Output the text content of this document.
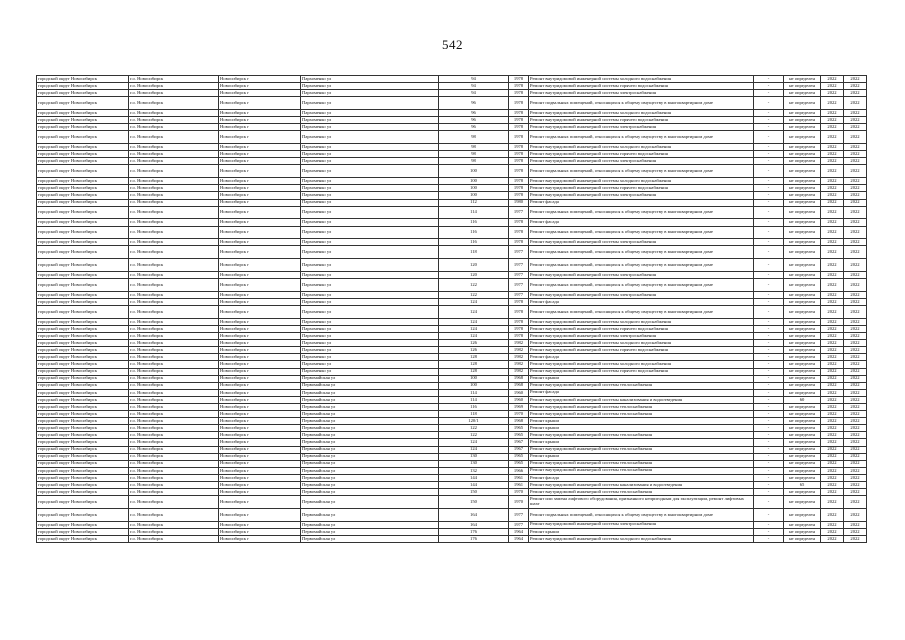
542
городской округ Новосибирск	г.о. Новосибирск	Новосибирск г	Пархоменко ул	94	1978	Ремонт внутридомовой инженерной системы холодного водоснабжения	-	не определен	2022	2022
городской округ Новосибирск	г.о. Новосибирск	Новосибирск г	Пархоменко ул	94	1978	Ремонт внутридомовой инженерной системы горячего водоснабжения	-	не определен	2022	2022
городской округ Новосибирск	г.о. Новосибирск	Новосибирск г	Пархоменко ул	94	1978	Ремонт внутридомовой инженерной системы электроснабжения	-	не определен	2022	2022
городской округ Новосибирск	г.о. Новосибирск	Новосибирск г	Пархоменко ул	96	1978	Ремонт подвальных помещений, относящихся к общему имуществу в многоквартирном доме	-	не определен	2022	2022
городской округ Новосибирск	г.о. Новосибирск	Новосибирск г	Пархоменко ул	96	1978	Ремонт внутридомовой инженерной системы холодного водоснабжения	-	не определен	2022	2022
городской округ Новосибирск	г.о. Новосибирск	Новосибирск г	Пархоменко ул	96	1978	Ремонт внутридомовой инженерной системы горячего водоснабжения	-	не определен	2022	2022
городской округ Новосибирск	г.о. Новосибирск	Новосибирск г	Пархоменко ул	96	1978	Ремонт внутридомовой инженерной системы электроснабжения	-	не определен	2022	2022
городской округ Новосибирск	г.о. Новосибирск	Новосибирск г	Пархоменко ул	98	1978	Ремонт подвальных помещений, относящихся к общему имуществу в многоквартирном доме	-	не определен	2022	2022
городской округ Новосибирск	г.о. Новосибирск	Новосибирск г	Пархоменко ул	98	1978	Ремонт внутридомовой инженерной системы холодного водоснабжения	-	не определен	2022	2022
городской округ Новосибирск	г.о. Новосибирск	Новосибирск г	Пархоменко ул	98	1978	Ремонт внутридомовой инженерной системы горячего водоснабжения	-	не определен	2022	2022
городской округ Новосибирск	г.о. Новосибирск	Новосибирск г	Пархоменко ул	98	1978	Ремонт внутридомовой инженерной системы электроснабжения	-	не определен	2022	2022
городской округ Новосибирск	г.о. Новосибирск	Новосибирск г	Пархоменко ул	100	1978	Ремонт подвальных помещений, относящихся к общему имуществу в многоквартирном доме	-	не определен	2022	2022
городской округ Новосибирск	г.о. Новосибирск	Новосибирск г	Пархоменко ул	100	1978	Ремонт внутридомовой инженерной системы холодного водоснабжения	-	не определен	2022	2022
городской округ Новосибирск	г.о. Новосибирск	Новосибирск г	Пархоменко ул	100	1978	Ремонт внутридомовой инженерной системы горячего водоснабжения	-	не определен	2022	2022
городской округ Новосибирск	г.о. Новосибирск	Новосибирск г	Пархоменко ул	100	1978	Ремонт внутридомовой инженерной системы электроснабжения	-	не определен	2022	2022
городской округ Новосибирск	г.о. Новосибирск	Новосибирск г	Пархоменко ул	112	1980	Ремонт фасада	-	не определен	2022	2022
городской округ Новосибирск	г.о. Новосибирск	Новосибирск г	Пархоменко ул	114	1977	Ремонт подвальных помещений, относящихся к общему имуществу в многоквартирном доме	-	не определен	2022	2022
городской округ Новосибирск	г.о. Новосибирск	Новосибирск г	Пархоменко ул	116	1978	Ремонт фасада	-	не определен	2022	2022
городской округ Новосибирск	г.о. Новосибирск	Новосибирск г	Пархоменко ул	116	1978	Ремонт подвальных помещений, относящихся к общему имуществу в многоквартирном доме	-	не определен	2022	2022
городской округ Новосибирск	г.о. Новосибирск	Новосибирск г	Пархоменко ул	116	1978	Ремонт внутридомовой инженерной системы электроснабжения	-	не определен	2022	2022
городской округ Новосибирск	г.о. Новосибирск	Новосибирск г	Пархоменко ул	118	1977	Ремонт подвальных помещений, относящихся к общему имуществу в многоквартирном доме	-	не определен	2022	2022
городской округ Новосибирск	г.о. Новосибирск	Новосибирск г	Пархоменко ул	120	1977	Ремонт подвальных помещений, относящихся к общему имуществу в многоквартирном доме	-	не определен	2022	2022
городской округ Новосибирск	г.о. Новосибирск	Новосибирск г	Пархоменко ул	120	1977	Ремонт внутридомовой инженерной системы электроснабжения	-	не определен	2022	2022
городской округ Новосибирск	г.о. Новосибирск	Новосибирск г	Пархоменко ул	122	1977	Ремонт подвальных помещений, относящихся к общему имуществу в многоквартирном доме	-	не определен	2022	2022
городской округ Новосибирск	г.о. Новосибирск	Новосибирск г	Пархоменко ул	122	1977	Ремонт внутридомовой инженерной системы электроснабжения	-	не определен	2022	2022
городской округ Новосибирск	г.о. Новосибирск	Новосибирск г	Пархоменко ул	124	1978	Ремонт фасада	-	не определен	2022	2022
городской округ Новосибирск	г.о. Новосибирск	Новосибирск г	Пархоменко ул	124	1978	Ремонт подвальных помещений, относящихся к общему имуществу в многоквартирном доме	-	не определен	2022	2022
городской округ Новосибирск	г.о. Новосибирск	Новосибирск г	Пархоменко ул	124	1978	Ремонт внутридомовой инженерной системы холодного водоснабжения	-	не определен	2022	2022
городской округ Новосибирск	г.о. Новосибирск	Новосибирск г	Пархоменко ул	124	1978	Ремонт внутридомовой инженерной системы горячего водоснабжения	-	не определен	2022	2022
городской округ Новосибирск	г.о. Новосибирск	Новосибирск г	Пархоменко ул	124	1978	Ремонт внутридомовой инженерной системы электроснабжения	-	не определен	2022	2022
городской округ Новосибирск	г.о. Новосибирск	Новосибирск г	Пархоменко ул	126	1982	Ремонт внутридомовой инженерной системы холодного водоснабжения	-	не определен	2022	2022
городской округ Новосибирск	г.о. Новосибирск	Новосибирск г	Пархоменко ул	126	1982	Ремонт внутридомовой инженерной системы горячего водоснабжения	-	не определен	2022	2022
городской округ Новосибирск	г.о. Новосибирск	Новосибирск г	Пархоменко ул	128	1982	Ремонт фасада	-	не определен	2022	2022
городской округ Новосибирск	г.о. Новосибирск	Новосибирск г	Пархоменко ул	128	1982	Ремонт внутридомовой инженерной системы холодного водоснабжения	-	не определен	2022	2022
городской округ Новосибирск	г.о. Новосибирск	Новосибирск г	Пархоменко ул	128	1982	Ремонт внутридомовой инженерной системы горячего водоснабжения	-	не определен	2022	2022
городской округ Новосибирск	г.о. Новосибирск	Новосибирск г	Первомайская ул	100	1968	Ремонт крыши	-	не определен	2022	2022
городской округ Новосибирск	г.о. Новосибирск	Новосибирск г	Первомайская ул	100	1968	Ремонт внутридомовой инженерной системы теплоснабжения	-	не определен	2022	2022
городской округ Новосибирск	г.о. Новосибирск	Новосибирск г	Первомайская ул	114	1960	Ремонт фасада	-	не определен	2022	2022
городской округ Новосибирск	г.о. Новосибирск	Новосибирск г	Первомайская ул	114	1960	Ремонт внутридомовой инженерной системы канализования и водоотведения	-	60	2022	2022
городской округ Новосибирск	г.о. Новосибирск	Новосибирск г	Первомайская ул	116	1969	Ремонт внутридомовой инженерной системы теплоснабжения	-	не определен	2022	2022
городской округ Новосибирск	г.о. Новосибирск	Новосибирск г	Первомайская ул	118	1970	Ремонт внутридомовой инженерной системы теплоснабжения	-	не определен	2022	2022
городской округ Новосибирск	г.о. Новосибирск	Новосибирск г	Первомайская ул	120/1	1968	Ремонт крыши	-	не определен	2022	2022
городской округ Новосибирск	г.о. Новосибирск	Новосибирск г	Первомайская ул	122	1965	Ремонт крыши	-	не определен	2022	2022
городской округ Новосибирск	г.о. Новосибирск	Новосибирск г	Первомайская ул	122	1965	Ремонт внутридомовой инженерной системы теплоснабжения	-	не определен	2022	2022
городской округ Новосибирск	г.о. Новосибирск	Новосибирск г	Первомайская ул	124	1967	Ремонт крыши	-	не определен	2022	2022
городской округ Новосибирск	г.о. Новосибирск	Новосибирск г	Первомайская ул	124	1967	Ремонт внутридомовой инженерной системы теплоснабжения	-	не определен	2022	2022
городской округ Новосибирск	г.о. Новосибирск	Новосибирск г	Первомайская ул	130	1965	Ремонт крыши	-	не определен	2022	2022
городской округ Новосибирск	г.о. Новосибирск	Новосибирск г	Первомайская ул	130	1965	Ремонт внутридомовой инженерной системы теплоснабжения	-	не определен	2022	2022
городской округ Новосибирск	г.о. Новосибирск	Новосибирск г	Первомайская ул	132	1966	Ремонт внутридомовой инженерной системы теплоснабжения	-	не определен	2022	2022
городской округ Новосибирск	г.о. Новосибирск	Новосибирск г	Первомайская ул	144	1961	Ремонт фасада	-	не определен	2022	2022
городской округ Новосибирск	г.о. Новосибирск	Новосибирск г	Первомайская ул	144	1961	Ремонт внутридомовой инженерной системы канализования и водоотведения	-	65	2022	2022
городской округ Новосибирск	г.о. Новосибирск	Новосибирск г	Первомайская ул	150	1970	Ремонт внутридомовой инженерной системы теплоснабжения	-	не определен	2022	2022
городской округ Новосибирск	г.о. Новосибирск	Новосибирск г	Первомайская ул	150	1970	Ремонт или замена лифтового оборудования, признанного непригодным для эксплуатации, ремонт лифтовых шахт	-	не определен	2022	2022
городской округ Новосибирск	г.о. Новосибирск	Новосибирск г	Первомайская ул	164	1977	Ремонт подвальных помещений, относящихся к общему имуществу в многоквартирном доме	-	не определен	2022	2022
городской округ Новосибирск	г.о. Новосибирск	Новосибирск г	Первомайская ул	164	1977	Ремонт внутридомовой инженерной системы электроснабжения	-	не определен	2022	2022
городской округ Новосибирск	г.о. Новосибирск	Новосибирск г	Первомайская ул	176	1964	Ремонт крыши	-	не определен	2022	2022
городской округ Новосибирск	г.о. Новосибирск	Новосибирск г	Первомайская ул	176	1964	Ремонт внутридомовой инженерной системы холодного водоснабжения	-	не определен	2022	2022
